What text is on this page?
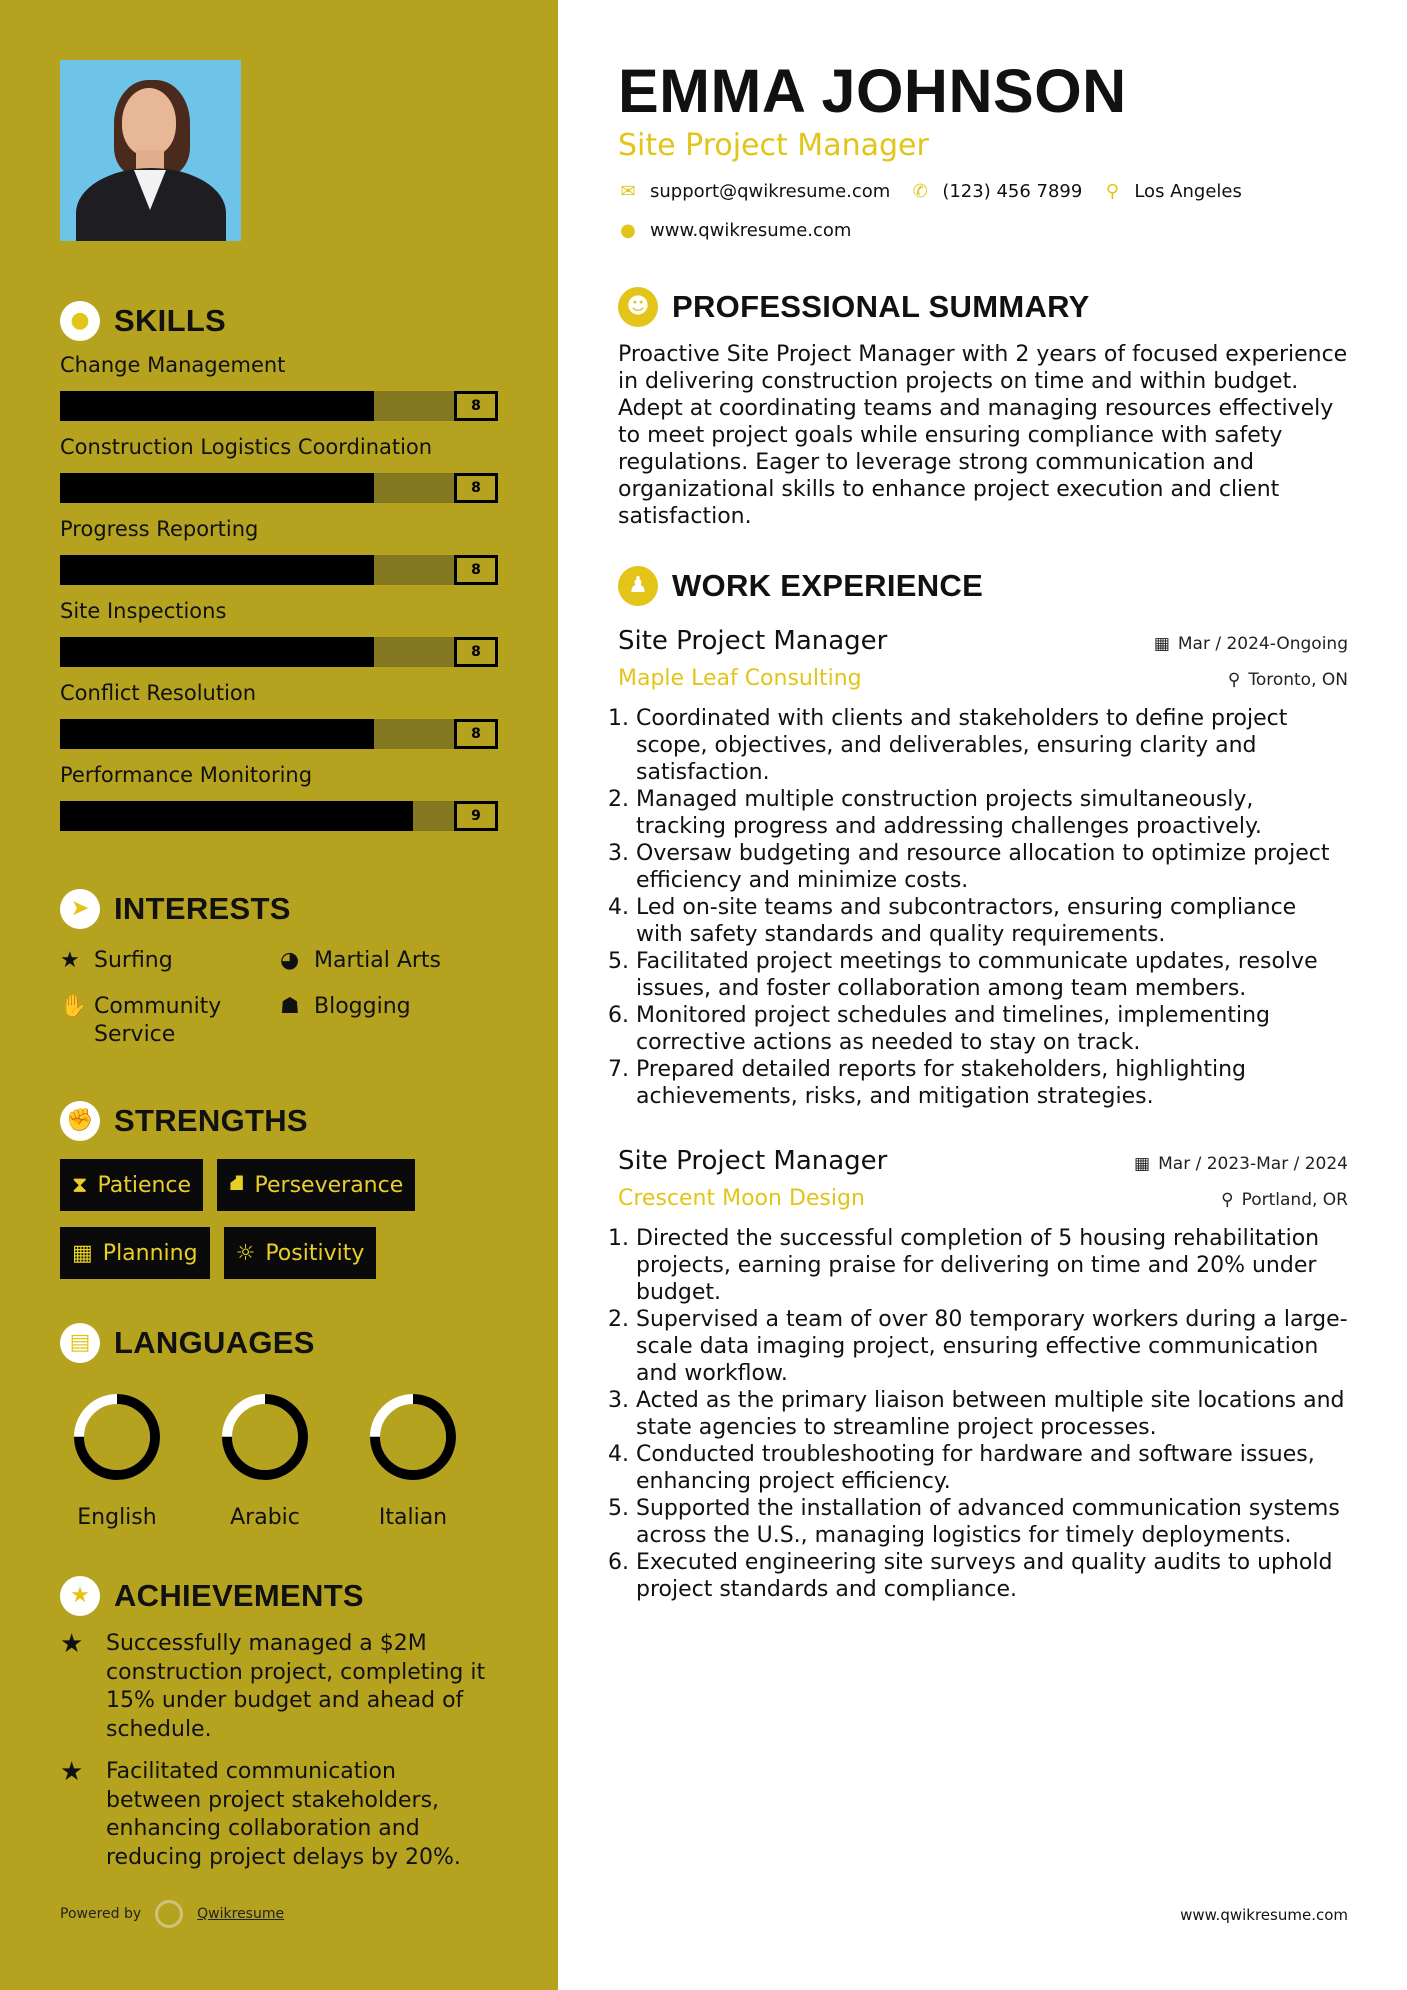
● SKILLS
Change Management
8
Construction Logistics Coordination
8
Progress Reporting
8
Site Inspections
8
Conflict Resolution
8
Performance Monitoring
9
➤ INTERESTS
★ Surfing	◕ Martial Arts
✋ Community Service
☗ Blogging
✊ STRENGTHS
⧗ Patience ⛘ Perseverance
▦ Planning ☼ Positivity
▤ LANGUAGES
English	Arabic	Italian
★ ACHIEVEMENTS
★	Successfully managed a $2M construction project, completing it 15% under budget and ahead of schedule.
★	Facilitated communication between project stakeholders, enhancing collaboration and reducing project delays by 20%.
Powered by	Qwikresume
EMMA JOHNSON
Site Project Manager
✉ support@qwikresume.com ✆ (123) 456 7899 ⚲ Los Angeles
● www.qwikresume.com
☻ PROFESSIONAL SUMMARY

Proactive Site Project Manager with 2 years of focused experience in delivering construction projects on time and within budget. Adept at coordinating teams and managing resources effectively to meet project goals while ensuring compliance with safety regulations. Eager to leverage strong communication and organizational skills to enhance project execution and client satisfaction.

♟ WORK EXPERIENCE
Site Project Manager	▦ Mar / 2024-Ongoing
Maple Leaf Consulting	⚲ Toronto, ON
1. Coordinated with clients and stakeholders to define project scope, objectives, and deliverables, ensuring clarity and satisfaction.
2. Managed multiple construction projects simultaneously, tracking progress and addressing challenges proactively.
3. Oversaw budgeting and resource allocation to optimize project efficiency and minimize costs.
4. Led on-site teams and subcontractors, ensuring compliance with safety standards and quality requirements.
5. Facilitated project meetings to communicate updates, resolve issues, and foster collaboration among team members.
6. Monitored project schedules and timelines, implementing corrective actions as needed to stay on track.
7. Prepared detailed reports for stakeholders, highlighting achievements, risks, and mitigation strategies.
Site Project Manager	▦ Mar / 2023-Mar / 2024
Crescent Moon Design	⚲ Portland, OR
1. Directed the successful completion of 5 housing rehabilitation projects, earning praise for delivering on time and 20% under budget.
2. Supervised a team of over 80 temporary workers during a large-scale data imaging project, ensuring effective communication and workflow.
3. Acted as the primary liaison between multiple site locations and state agencies to streamline project processes.
4. Conducted troubleshooting for hardware and software issues, enhancing project efficiency.
5. Supported the installation of advanced communication systems across the U.S., managing logistics for timely deployments.
6. Executed engineering site surveys and quality audits to uphold project standards and compliance.
www.qwikresume.com
